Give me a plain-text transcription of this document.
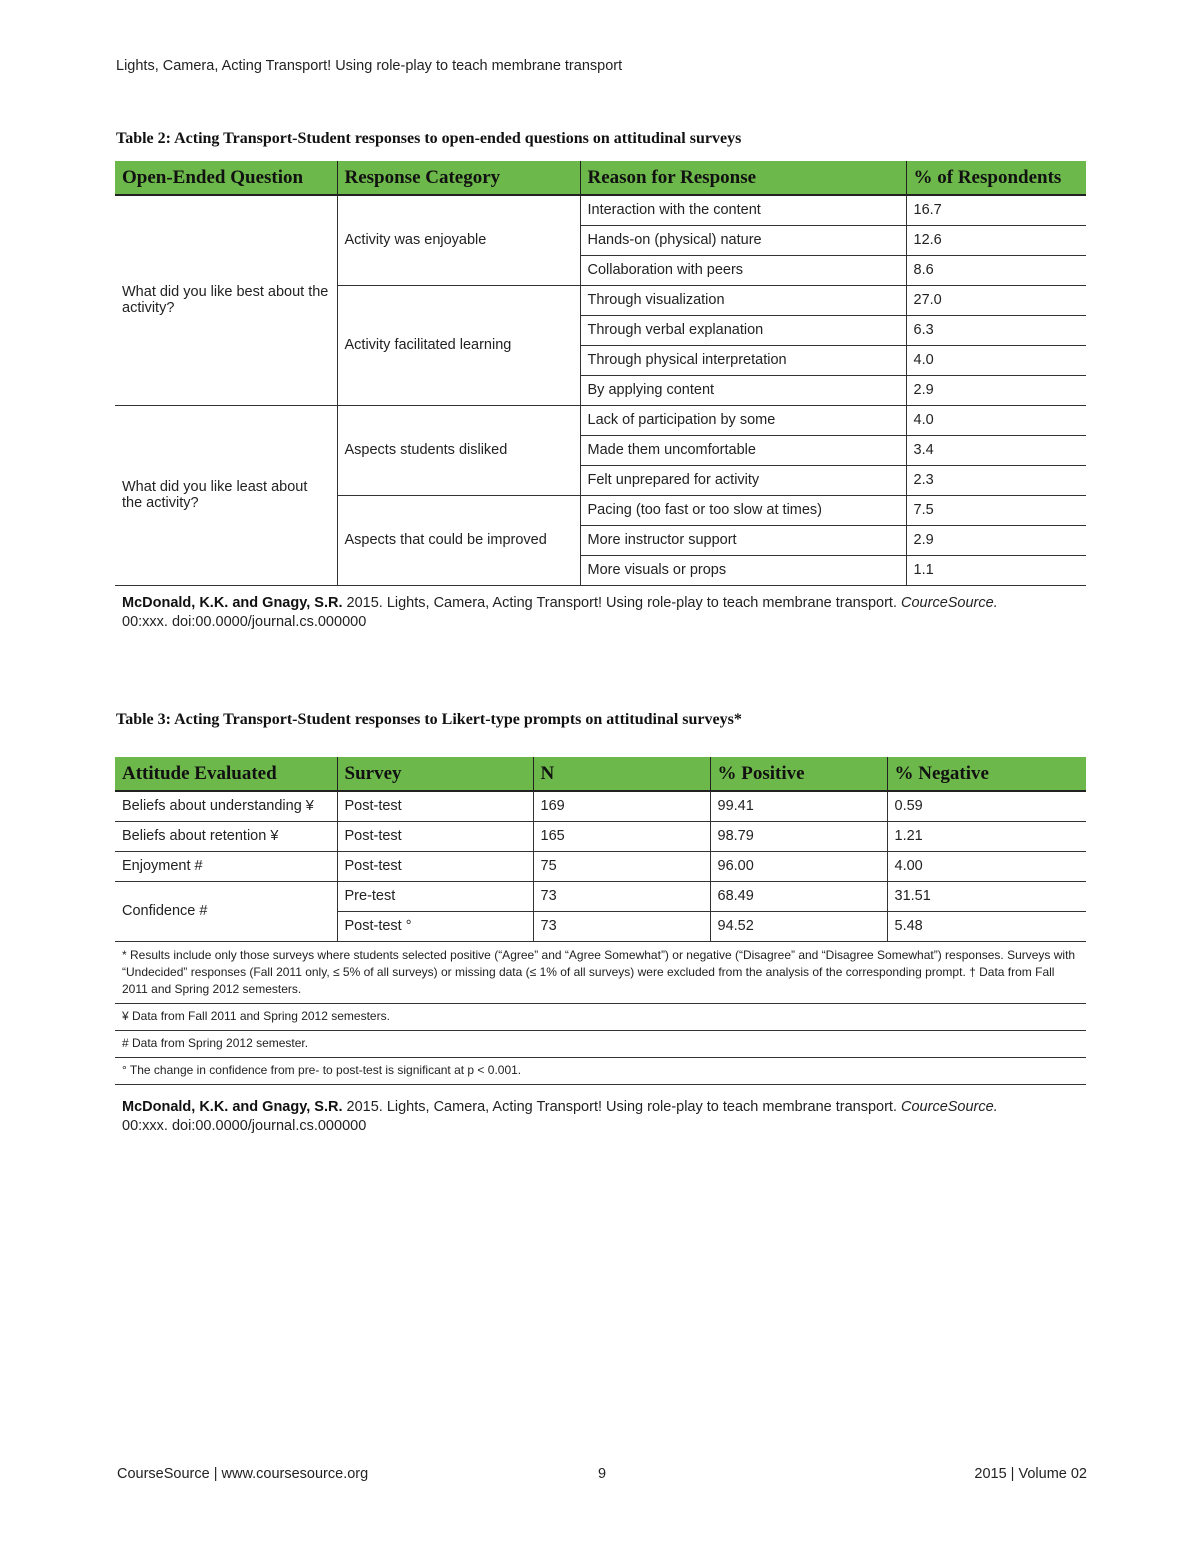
Lights, Camera, Acting Transport! Using role-play to teach membrane transport
Table 2: Acting Transport-Student responses to open-ended questions on attitudinal surveys
Open-Ended Question	Response Category	Reason for Response	% of Respondents
What did you like best about the activity?	Activity was enjoyable	Interaction with the content	16.7
		Hands-on (physical) nature	12.6
		Collaboration with peers	8.6
	Activity facilitated learning	Through visualization	27.0
		Through verbal explanation	6.3
		Through physical interpretation	4.0
		By applying content	2.9
What did you like least about the activity?	Aspects students disliked	Lack of participation by some	4.0
		Made them uncomfortable	3.4
		Felt unprepared for activity	2.3
	Aspects that could be improved	Pacing (too fast or too slow at times)	7.5
		More instructor support	2.9
		More visuals or props	1.1
McDonald, K.K. and Gnagy, S.R. 2015. Lights, Camera, Acting Transport! Using role-play to teach membrane transport. CourceSource.
00:xxx. doi:00.0000/journal.cs.000000
Table 3: Acting Transport-Student responses to Likert-type prompts on attitudinal surveys*
Attitude Evaluated	Survey	N	% Positive	% Negative
Beliefs about understanding ¥	Post-test	169	99.41	0.59
Beliefs about retention ¥	Post-test	165	98.79	1.21
Enjoyment #	Post-test	75	96.00	4.00
Confidence #	Pre-test	73	68.49	31.51
	Post-test °	73	94.52	5.48
* Results include only those surveys where students selected positive (“Agree” and “Agree Somewhat”) or negative (“Disagree” and “Disagree Somewhat”) responses. Surveys with “Undecided” responses (Fall 2011 only, ≤ 5% of all surveys) or missing data (≤ 1% of all surveys) were excluded from the analysis of the corresponding prompt. † Data from Fall 2011 and Spring 2012 semesters.
¥ Data from Fall 2011 and Spring 2012 semesters.
# Data from Spring 2012 semester.
° The change in confidence from pre- to post-test is significant at p < 0.001.
McDonald, K.K. and Gnagy, S.R. 2015. Lights, Camera, Acting Transport! Using role-play to teach membrane transport. CourceSource.
00:xxx. doi:00.0000/journal.cs.000000
CourseSource | www.coursesource.org	9	2015 | Volume 02
